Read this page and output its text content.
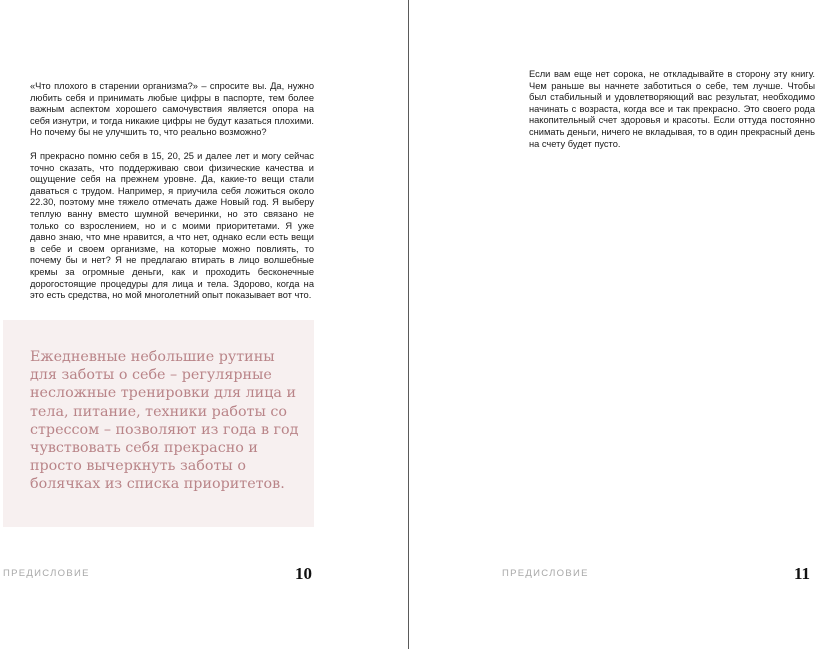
«Что плохого в старении организма?» – спросите вы. Да, нужно любить себя и принимать любые цифры в паспорте, тем более важным аспектом хорошего самочувствия является опора на себя изнутри, и тогда никакие цифры не будут казаться плохими. Но почему бы не улучшить то, что реально возможно?

Я прекрасно помню себя в 15, 20, 25 и далее лет и могу сейчас точно сказать, что поддерживаю свои физические качества и ощущение себя на прежнем уровне. Да, какие-то вещи стали даваться с трудом. Например, я приучила себя ложиться около 22.30, поэтому мне тяжело отмечать даже Новый год. Я выберу теплую ванну вместо шумной вечеринки, но это связано не только со взрослением, но и с моими приоритетами. Я уже давно знаю, что мне нравится, а что нет, однако если есть вещи в себе и своем организме, на которые можно повлиять, то почему бы и нет? Я не предлагаю втирать в лицо волшебные кремы за огромные деньги, как и проходить бесконечные дорогостоящие процедуры для лица и тела. Здорово, когда на это есть средства, но мой многолетний опыт показывает вот что.

Ежедневные небольшие рутины для заботы о себе – регулярные несложные тренировки для лица и тела, питание, техники работы со стрессом – позволяют из года в год чувствовать себя прекрасно и просто вычеркнуть заботы о болячках из списка приоритетов.

ПРЕДИСЛОВИЕ	10

Если вам еще нет сорока, не откладывайте в сторону эту книгу. Чем раньше вы начнете заботиться о себе, тем лучше. Чтобы был стабильный и удовлетворяющий вас результат, необходимо начинать с возраста, когда все и так прекрасно. Это своего рода накопительный счет здоровья и красоты. Если оттуда постоянно снимать деньги, ничего не вкладывая, то в один прекрасный день на счету будет пусто.

ПРЕДИСЛОВИЕ	11
